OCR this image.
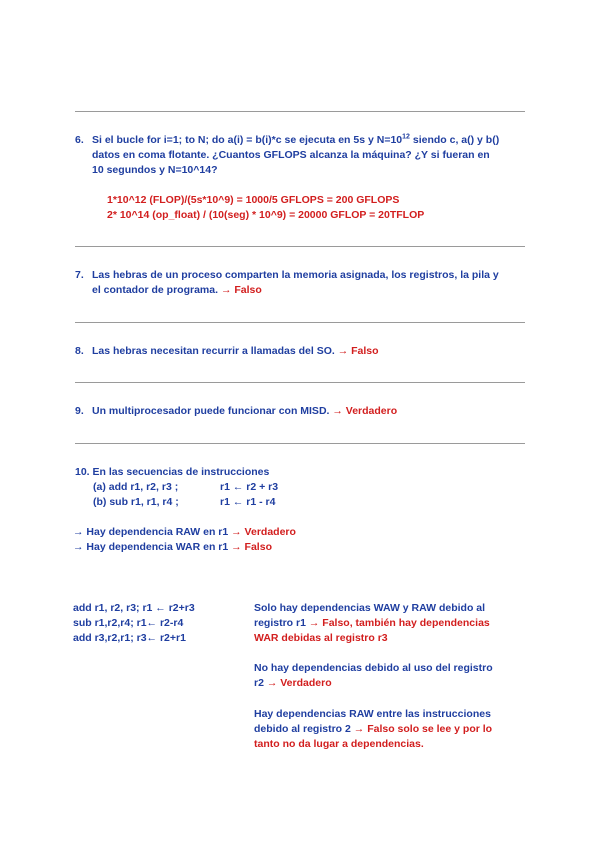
6. Si el bucle for i=1; to N; do a(i) = b(i)*c se ejecuta en 5s y $N=10^{12}$ siendo c, a() y b()
datos en coma flotante. ¿Cuantos GFLOPS alcanza la máquina? ¿Y si fueran en
10 segundos y N=10^14?
1*10^12 (FLOP)/(5s*10^9) = 1000/5 GFLOPS = 200 GFLOPS
2* 10^14 (op_float) / (10(seg) * 10^9) = 20000 GFLOP = 20TFLOP
7. Las hebras de un proceso comparten la memoria asignada, los registros, la pila y
el contador de programa. → Falso
8. Las hebras necesitan recurrir a llamadas del SO. → Falso
9. Un multiprocesador puede funcionar con MISD. → Verdadero
10. En las secuencias de instrucciones
(a) add r1, r2, r3 ;	r1 ← r2 + r3
(b) sub r1, r1, r4 ;	r1 ← r1 - r4
→ Hay dependencia RAW en r1 → Verdadero
→ Hay dependencia WAR en r1 → Falso
add r1, r2, r3; r1 ← r2+r3
sub r1,r2,r4; r1← r2-r4
add r3,r2,r1; r3← r2+r1
Solo hay dependencias WAW y RAW debido al
registro r1 → Falso, también hay dependencias
WAR debidas al registro r3
No hay dependencias debido al uso del registro
r2 → Verdadero
Hay dependencias RAW entre las instrucciones
debido al registro 2 → Falso solo se lee y por lo
tanto no da lugar a dependencias.
